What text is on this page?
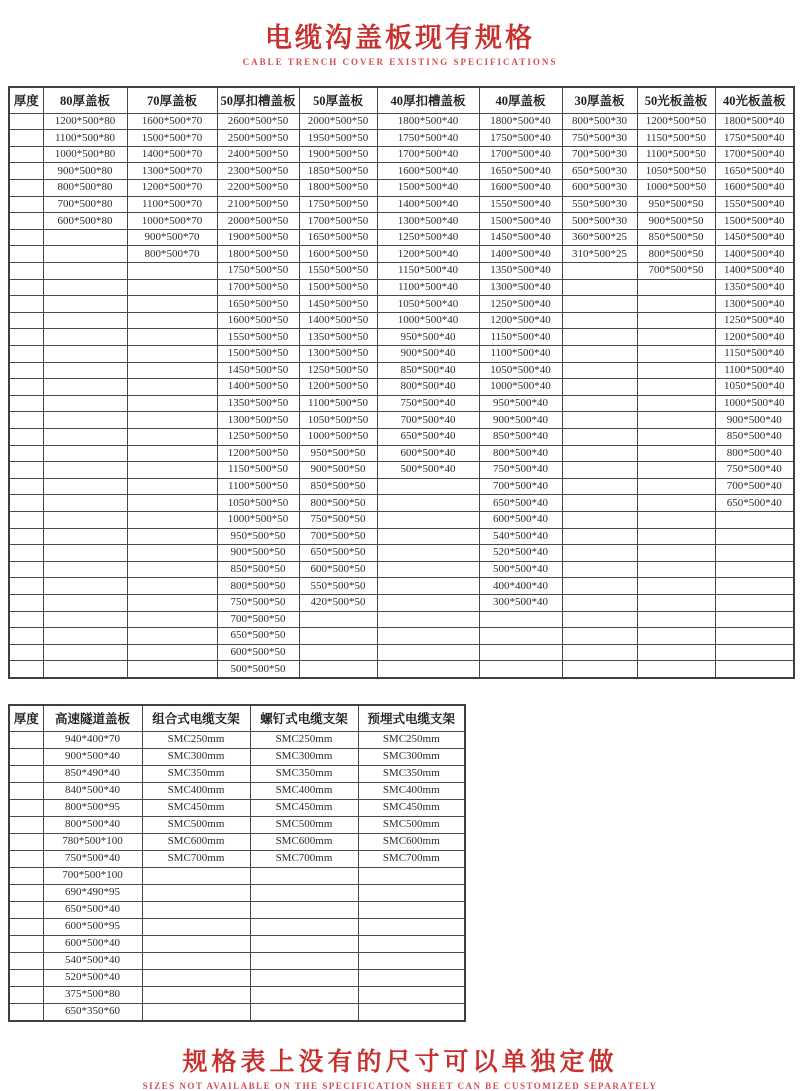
电缆沟盖板现有规格
CABLE TRENCH COVER EXISTING SPECIFICATIONS
厚度	80厚盖板	70厚盖板	50厚扣槽盖板	50厚盖板	40厚扣槽盖板	40厚盖板	30厚盖板	50光板盖板	40光板盖板
	1200*500*80	1600*500*70	2600*500*50	2000*500*50	1800*500*40	1800*500*40	800*500*30	1200*500*50	1800*500*40
	1100*500*80	1500*500*70	2500*500*50	1950*500*50	1750*500*40	1750*500*40	750*500*30	1150*500*50	1750*500*40
	1000*500*80	1400*500*70	2400*500*50	1900*500*50	1700*500*40	1700*500*40	700*500*30	1100*500*50	1700*500*40
	900*500*80	1300*500*70	2300*500*50	1850*500*50	1600*500*40	1650*500*40	650*500*30	1050*500*50	1650*500*40
	800*500*80	1200*500*70	2200*500*50	1800*500*50	1500*500*40	1600*500*40	600*500*30	1000*500*50	1600*500*40
	700*500*80	1100*500*70	2100*500*50	1750*500*50	1400*500*40	1550*500*40	550*500*30	950*500*50	1550*500*40
	600*500*80	1000*500*70	2000*500*50	1700*500*50	1300*500*40	1500*500*40	500*500*30	900*500*50	1500*500*40
		900*500*70	1900*500*50	1650*500*50	1250*500*40	1450*500*40	360*500*25	850*500*50	1450*500*40
		800*500*70	1800*500*50	1600*500*50	1200*500*40	1400*500*40	310*500*25	800*500*50	1400*500*40
			1750*500*50	1550*500*50	1150*500*40	1350*500*40		700*500*50	1400*500*40
			1700*500*50	1500*500*50	1100*500*40	1300*500*40			1350*500*40
			1650*500*50	1450*500*50	1050*500*40	1250*500*40			1300*500*40
			1600*500*50	1400*500*50	1000*500*40	1200*500*40			1250*500*40
			1550*500*50	1350*500*50	950*500*40	1150*500*40			1200*500*40
			1500*500*50	1300*500*50	900*500*40	1100*500*40			1150*500*40
			1450*500*50	1250*500*50	850*500*40	1050*500*40			1100*500*40
			1400*500*50	1200*500*50	800*500*40	1000*500*40			1050*500*40
			1350*500*50	1100*500*50	750*500*40	950*500*40			1000*500*40
			1300*500*50	1050*500*50	700*500*40	900*500*40			900*500*40
			1250*500*50	1000*500*50	650*500*40	850*500*40			850*500*40
			1200*500*50	950*500*50	600*500*40	800*500*40			800*500*40
			1150*500*50	900*500*50	500*500*40	750*500*40			750*500*40
			1100*500*50	850*500*50		700*500*40			700*500*40
			1050*500*50	800*500*50		650*500*40			650*500*40
			1000*500*50	750*500*50		600*500*40			
			950*500*50	700*500*50		540*500*40			
			900*500*50	650*500*50		520*500*40			
			850*500*50	600*500*50		500*500*40			
			800*500*50	550*500*50		400*400*40			
			750*500*50	420*500*50		300*500*40			
			700*500*50						
			650*500*50						
			600*500*50						
			500*500*50						
厚度	高速隧道盖板	组合式电缆支架	螺钉式电缆支架	预埋式电缆支架
	940*400*70	SMC250mm	SMC250mm	SMC250mm
	900*500*40	SMC300mm	SMC300mm	SMC300mm
	850*490*40	SMC350mm	SMC350mm	SMC350mm
	840*500*40	SMC400mm	SMC400mm	SMC400mm
	800*500*95	SMC450mm	SMC450mm	SMC450mm
	800*500*40	SMC500mm	SMC500mm	SMC500mm
	780*500*100	SMC600mm	SMC600mm	SMC600mm
	750*500*40	SMC700mm	SMC700mm	SMC700mm
	700*500*100			
	690*490*95			
	650*500*40			
	600*500*95			
	600*500*40			
	540*500*40			
	520*500*40			
	375*500*80			
	650*350*60			
规格表上没有的尺寸可以单独定做
SIZES NOT AVAILABLE ON THE SPECIFICATION SHEET CAN BE CUSTOMIZED SEPARATELY
